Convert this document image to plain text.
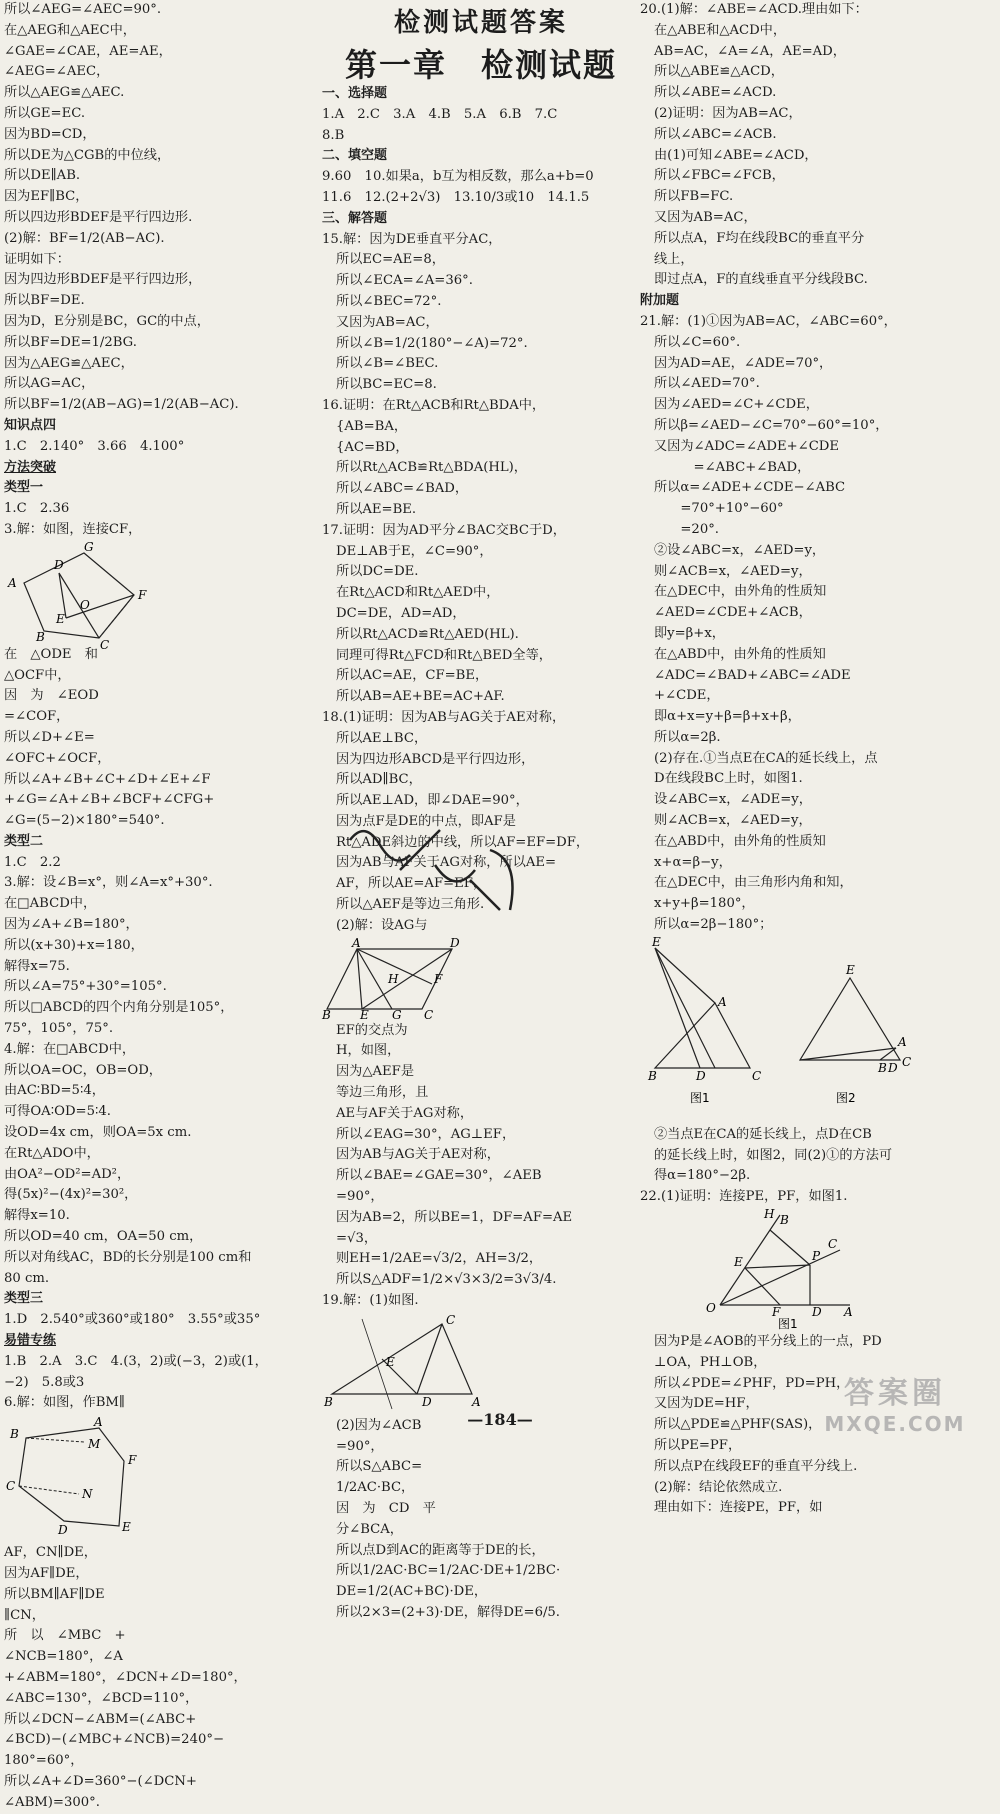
检测试题答案
第一章　检测试题
所以∠AEG=∠AEC=90°.
在△AEG和△AEC中，
∠GAE=∠CAE，AE=AE，
∠AEG=∠AEC，
所以△AEG≌△AEC.
所以GE=EC.
因为BD=CD，
所以DE为△CGB的中位线，
所以DE∥AB.
因为EF∥BC，
所以四边形BDEF是平行四边形.
(2)解：BF=1/2(AB−AC).
证明如下：
因为四边形BDEF是平行四边形，
所以BF=DE.
因为D，E分别是BC，GC的中点，
所以BF=DE=1/2BG.
因为△AEG≌△AEC，
所以AG=AC，
所以BF=1/2(AB−AG)=1/2(AB−AC).
知识点四
1.C　2.140°　3.66　4.100°
方法突破
类型一
1.C　2.36
3.解：如图，连接CF，
G
A
D
O
F
E
B
C
在　△ODE　和
△OCF中，
因　为　∠EOD
=∠COF，
所以∠D+∠E=
∠OFC+∠OCF，
所以∠A+∠B+∠C+∠D+∠E+∠F
+∠G=∠A+∠B+∠BCF+∠CFG+
∠G=(5−2)×180°=540°.
类型二
1.C　2.2
3.解：设∠B=x°，则∠A=x°+30°.
在□ABCD中，
因为∠A+∠B=180°，
所以(x+30)+x=180，
解得x=75.
所以∠A=75°+30°=105°.
所以□ABCD的四个内角分别是105°，
75°，105°，75°.
4.解：在□ABCD中，
所以OA=OC，OB=OD，
由AC∶BD=5∶4，
可得OA∶OD=5∶4.
设OD=4x cm，则OA=5x cm.
在Rt△ADO中，
由OA²−OD²=AD²，
得(5x)²−(4x)²=30²，
解得x=10.
所以OD=40 cm，OA=50 cm，
所以对角线AC，BD的长分别是100 cm和
80 cm.
类型三
1.D　2.540°或360°或180°　3.55°或35°
易错专练
1.B　2.A　3.C　4.(3，2)或(−3，2)或(1，
−2)　5.8或3
6.解：如图，作BM∥
A
B
M
C
N
E
F
D
AF，CN∥DE，
因为AF∥DE，
所以BM∥AF∥DE
∥CN，
所　以　∠MBC　+
∠NCB=180°，∠A
+∠ABM=180°，∠DCN+∠D=180°，
∠ABC=130°，∠BCD=110°，
所以∠DCN−∠ABM=(∠ABC+
∠BCD)−(∠MBC+∠NCB)=240°−
180°=60°，
所以∠A+∠D=360°−(∠DCN+
∠ABM)=300°.
一、选择题
1.A　2.C　3.A　4.B　5.A　6.B　7.C
8.B
二、填空题
9.60　10.如果a，b互为相反数，那么a+b=0
11.6　12.(2+2√3)　13.10/3或10　14.1.5
三、解答题
15.解：因为DE垂直平分AC，
所以EC=AE=8，
所以∠ECA=∠A=36°.
所以∠BEC=72°.
又因为AB=AC，
所以∠B=1/2(180°−∠A)=72°.
所以∠B=∠BEC.
所以BC=EC=8.
16.证明：在Rt△ACB和Rt△BDA中，
{AB=BA，
{AC=BD，
所以Rt△ACB≌Rt△BDA(HL)，
所以∠ABC=∠BAD，
所以AE=BE.
17.证明：因为AD平分∠BAC交BC于D，
DE⊥AB于E，∠C=90°，
所以DC=DE.
在Rt△ACD和Rt△AED中，
DC=DE，AD=AD，
所以Rt△ACD≌Rt△AED(HL).
同理可得Rt△FCD和Rt△BED全等，
所以AC=AE，CF=BE，
所以AB=AE+BE=AC+AF.
18.(1)证明：因为AB与AG关于AE对称，
所以AE⊥BC，
因为四边形ABCD是平行四边形，
所以AD∥BC，
所以AE⊥AD，即∠DAE=90°，
因为点F是DE的中点，即AF是
Rt△ADE斜边的中线，所以AF=EF=DF，
因为AB与AF关于AG对称，所以AE=
AF，所以AE=AF=EF，
所以△AEF是等边三角形.
(2)解：设AG与
A	D
H
B E	C
F
G
EF的交点为
H，如图，
因为△AEF是
等边三角形，且
AE与AF关于AG对称，
所以∠EAG=30°，AG⊥EF，
因为AB与AG关于AE对称，
所以∠BAE=∠GAE=30°，∠AEB
=90°，
因为AB=2，所以BE=1，DF=AF=AE
=√3，
则EH=1/2AE=√3/2，AH=3/2，
所以S△ADF=1/2×√3×3/2=3√3/4.
19.解：(1)如图.
C
E
A
B	D
(2)因为∠ACB
=90°，
所以S△ABC=
1/2AC·BC，
因　为　CD　平
分∠BCA，
所以点D到AC的距离等于DE的长，
所以1/2AC·BC=1/2AC·DE+1/2BC·
DE=1/2(AC+BC)·DE，
所以2×3=(2+3)·DE，解得DE=6/5.
20.(1)解：∠ABE=∠ACD.理由如下：
在△ABE和△ACD中，
AB=AC，∠A=∠A，AE=AD，
所以△ABE≌△ACD，
所以∠ABE=∠ACD.
(2)证明：因为AB=AC，
所以∠ABC=∠ACB.
由(1)可知∠ABE=∠ACD，
所以∠FBC=∠FCB，
所以FB=FC.
又因为AB=AC，
所以点A，F均在线段BC的垂直平分
线上，
即过点A，F的直线垂直平分线段BC.
附加题
21.解：(1)①因为AB=AC，∠ABC=60°，
所以∠C=60°.
因为AD=AE，∠ADE=70°，
所以∠AED=70°.
因为∠AED=∠C+∠CDE，
所以β=∠AED−∠C=70°−60°=10°，
又因为∠ADC=∠ADE+∠CDE
　　　=∠ABC+∠BAD，
所以α=∠ADE+∠CDE−∠ABC
　　=70°+10°−60°
　　=20°.
②设∠ABC=x，∠AED=y，
则∠ACB=x，∠AED=y，
在△DEC中，由外角的性质知
∠AED=∠CDE+∠ACB，
即y=β+x，
在△ABD中，由外角的性质知
∠ADC=∠BAD+∠ABC=∠ADE
+∠CDE，
即α+x=y+β=β+x+β，
所以α=2β.
(2)存在.①当点E在CA的延长线上，点
D在线段BC上时，如图1.
设∠ABC=x，∠ADE=y，
则∠ACB=x，∠AED=y，
在△ABD中，由外角的性质知
x+α=β−y，
在△DEC中，由三角形内角和知，
x+y+β=180°，
所以α=2β−180°；
E
A
B	D	C
图1
E
A
B D C
图2
②当点E在CA的延长线上，点D在CB
的延长线上时，如图2，同(2)①的方法可
得α=180°−2β.
22.(1)证明：连接PE，PF，如图1.
H B
P
C
E
F
O	D A
图1
因为P是∠AOB的平分线上的一点，PD
⊥OA，PH⊥OB，
所以∠PDE=∠PHF，PD=PH，
又因为DE=HF，
所以△PDE≌△PHF(SAS)，
所以PE=PF，
所以点P在线段EF的垂直平分线上.
(2)解：结论依然成立.
理由如下：连接PE，PF，如
—184—
答案圈
MXQE.COM
